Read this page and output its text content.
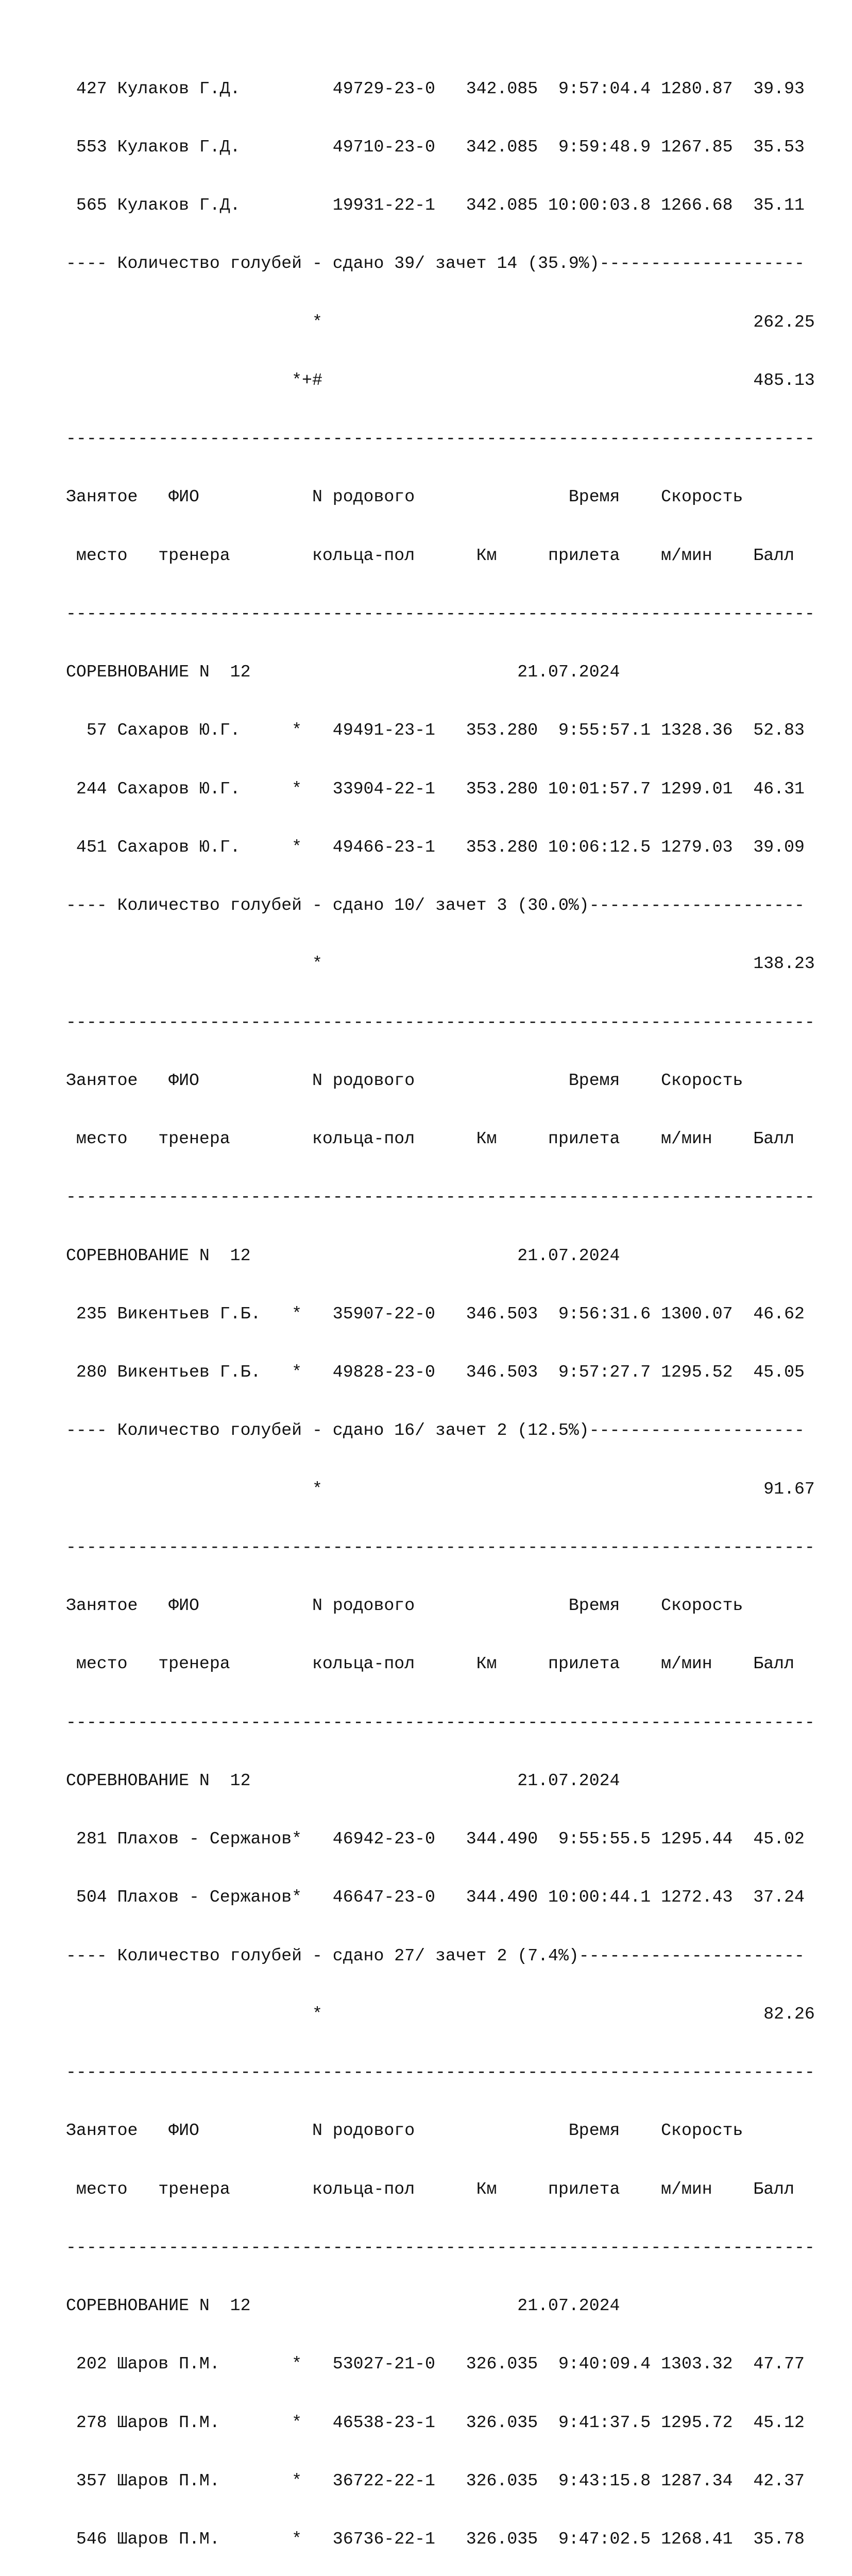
427 Кулаков Г.Д.         49729-23-0   342.085  9:57:04.4 1280.87  39.93

553 Кулаков Г.Д.         49710-23-0   342.085  9:59:48.9 1267.85  35.53

565 Кулаков Г.Д.         19931-22-1   342.085 10:00:03.8 1266.68  35.11

---- Количество голубей - сдано 39/ зачет 14 (35.9%)--------------------

*                                          262.25

*+#                                          485.13

-------------------------------------------------------------------------

Занятое   ФИО           N родового               Время    Скорость

место   тренера        кольца-пол      Км     прилета    м/мин    Балл

-------------------------------------------------------------------------

СОРЕВНОВАНИЕ N  12                          21.07.2024

57 Сахаров Ю.Г.     *   49491-23-1   353.280  9:55:57.1 1328.36  52.83

244 Сахаров Ю.Г.     *   33904-22-1   353.280 10:01:57.7 1299.01  46.31

451 Сахаров Ю.Г.     *   49466-23-1   353.280 10:06:12.5 1279.03  39.09

---- Количество голубей - сдано 10/ зачет 3 (30.0%)---------------------

*                                          138.23

-------------------------------------------------------------------------

Занятое   ФИО           N родового               Время    Скорость

место   тренера        кольца-пол      Км     прилета    м/мин    Балл

-------------------------------------------------------------------------

СОРЕВНОВАНИЕ N  12                          21.07.2024

235 Викентьев Г.Б.   *   35907-22-0   346.503  9:56:31.6 1300.07  46.62

280 Викентьев Г.Б.   *   49828-23-0   346.503  9:57:27.7 1295.52  45.05

---- Количество голубей - сдано 16/ зачет 2 (12.5%)---------------------

*                                           91.67

-------------------------------------------------------------------------

Занятое   ФИО           N родового               Время    Скорость

место   тренера        кольца-пол      Км     прилета    м/мин    Балл

-------------------------------------------------------------------------

СОРЕВНОВАНИЕ N  12                          21.07.2024

281 Плахов - Сержанов*   46942-23-0   344.490  9:55:55.5 1295.44  45.02

504 Плахов - Сержанов*   46647-23-0   344.490 10:00:44.1 1272.43  37.24

---- Количество голубей - сдано 27/ зачет 2 (7.4%)----------------------

*                                           82.26

-------------------------------------------------------------------------

Занятое   ФИО           N родового               Время    Скорость

место   тренера        кольца-пол      Км     прилета    м/мин    Балл

-------------------------------------------------------------------------

СОРЕВНОВАНИЕ N  12                          21.07.2024

202 Шаров П.М.       *   53027-21-0   326.035  9:40:09.4 1303.32  47.77

278 Шаров П.М.       *   46538-23-1   326.035  9:41:37.5 1295.72  45.12

357 Шаров П.М.       *   36722-22-1   326.035  9:43:15.8 1287.34  42.37

546 Шаров П.М.       *   36736-22-1   326.035  9:47:02.5 1268.41  35.78
